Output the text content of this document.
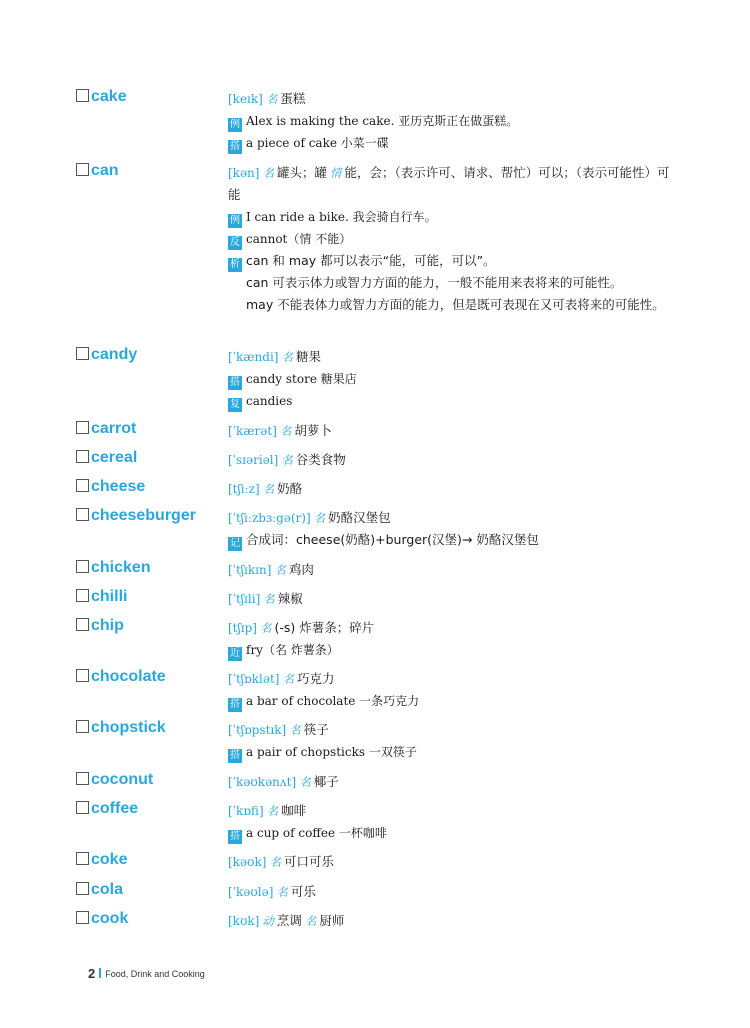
cake	[keɪk] 名 蛋糕
例 Alex is making the cake. 亚历克斯正在做蛋糕。
搭 a piece of cake 小菜一碟
can	[kən] 名 罐头；罐 情 能，会；（表示许可、请求、帮忙）可以；（表示可能性）可能
例 I can ride a bike. 我会骑自行车。
反 cannot（情 不能）
析 can 和 may 都可以表示“能，可能，可以”。
can 可表示体力或智力方面的能力，一般不能用来表将来的可能性。
may 不能表体力或智力方面的能力，但是既可表现在又可表将来的可能性。
candy	[ˈkændi] 名 糖果
搭 candy store 糖果店
复 candies
carrot	[ˈkærət] 名 胡萝卜
cereal	[ˈsɪəriəl] 名 谷类食物
cheese	[tʃiːz] 名 奶酪
cheeseburger	[ˈtʃiːzbɜːgə(r)] 名 奶酪汉堡包
记 合成词：cheese(奶酪)+burger(汉堡)→ 奶酪汉堡包
chicken	[ˈtʃɪkɪn] 名 鸡肉
chilli	[ˈtʃɪli] 名 辣椒
chip	[tʃɪp] 名 (-s) 炸薯条；碎片
近 fry（名 炸薯条）
chocolate	[ˈtʃɒklət] 名 巧克力
搭 a bar of chocolate 一条巧克力
chopstick	[ˈtʃɒpstɪk] 名 筷子
搭 a pair of chopsticks 一双筷子
coconut	[ˈkəʊkənʌt] 名 椰子
coffee	[ˈkɒfi] 名 咖啡
搭 a cup of coffee 一杯咖啡
coke	[kəʊk] 名 可口可乐
cola	[ˈkəʊlə] 名 可乐
cook	[kʊk] 动 烹调 名 厨师
2 Food, Drink and Cooking
